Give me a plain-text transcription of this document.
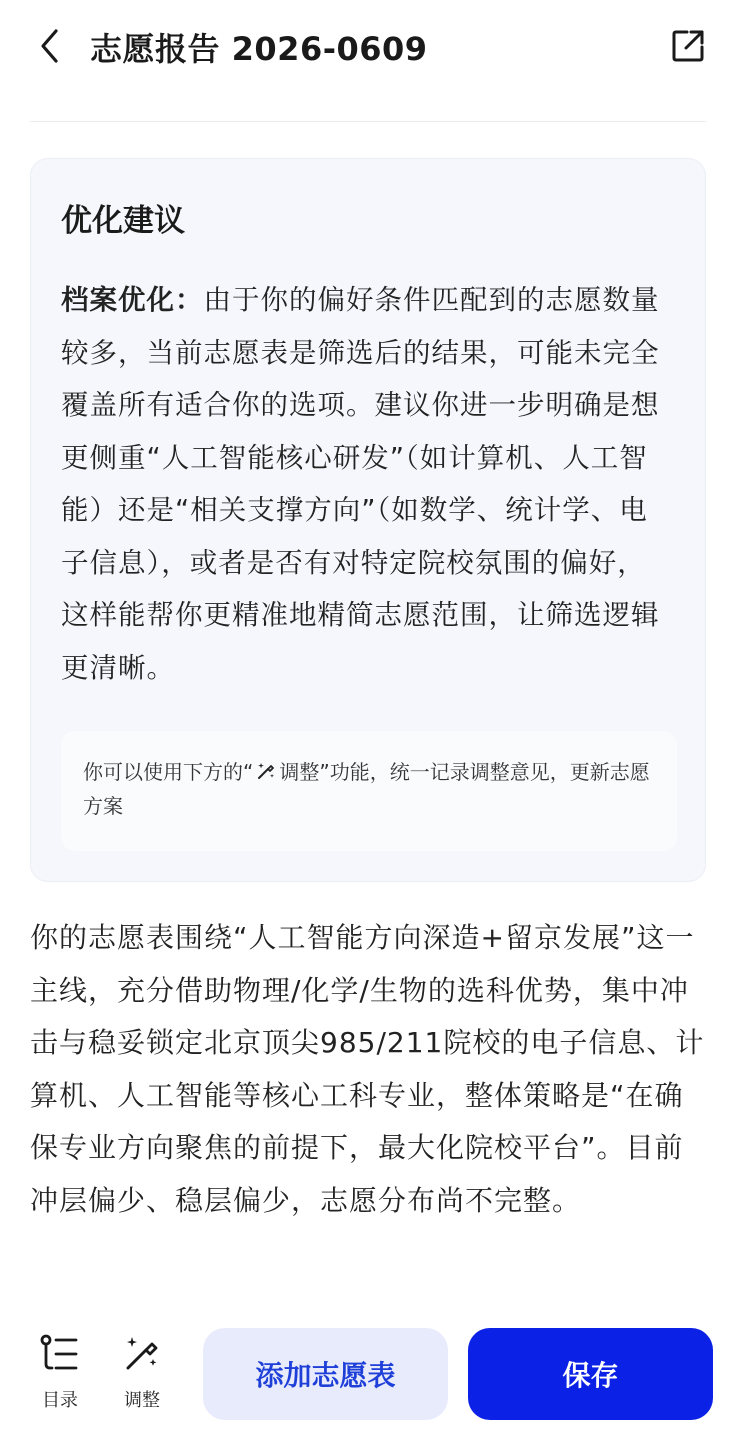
志愿报告 2026-0609
优化建议
档案优化：由于你的偏好条件匹配到的志愿数量较多，当前志愿表是筛选后的结果，可能未完全覆盖所有适合你的选项。建议你进一步明确是想更侧重“人工智能核心研发”（如计算机、人工智能）还是“相关支撑方向”（如数学、统计学、电子信息），或者是否有对特定院校氛围的偏好，这样能帮你更精准地精简志愿范围，让筛选逻辑更清晰。
你可以使用下方的“ 调整”功能，统一记录调整意见，更新志愿方案
你的志愿表围绕“人工智能方向深造+留京发展”这一主线，充分借助物理/化学/生物的选科优势，集中冲击与稳妥锁定北京顶尖985/211院校的电子信息、计算机、人工智能等核心工科专业，整体策略是“在确保专业方向聚焦的前提下，最大化院校平台”。目前冲层偏少、稳层偏少，志愿分布尚不完整。
目录	调整
添加志愿表	保存
